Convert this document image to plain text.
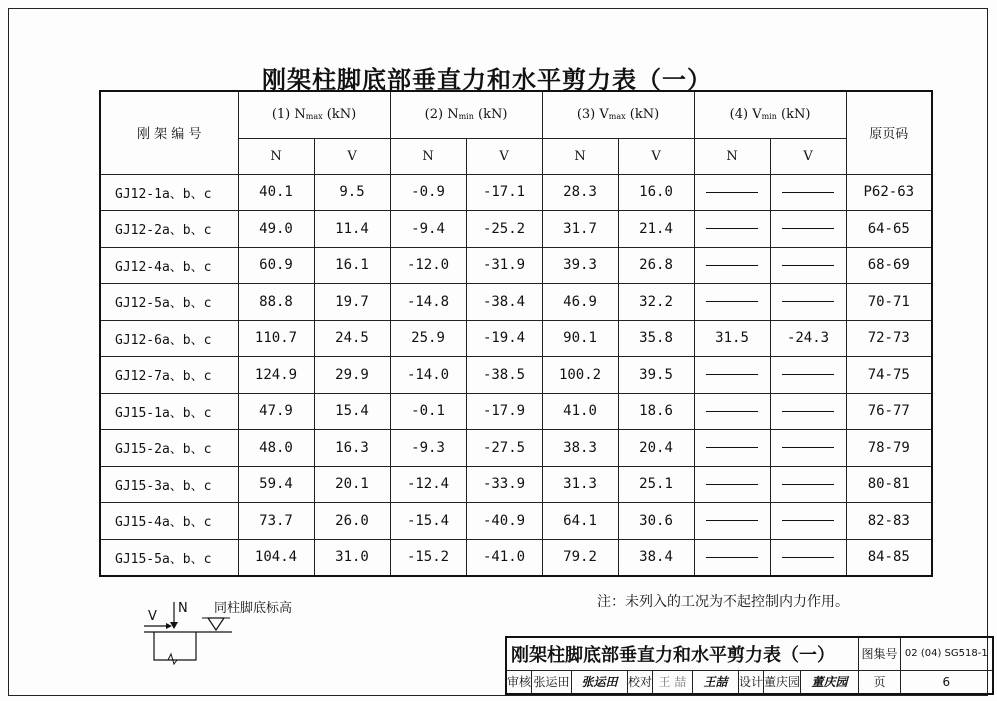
刚架柱脚底部垂直力和水平剪力表（一）
刚 架 编 号	(1) Nmax (kN)		(2) Nmin (kN)		(3) Vmax (kN)		(4) Vmin (kN)		原页码
	N	V	N	V	N	V	N	V	
GJ12-1a、b、c	40.1	9.5	-0.9	-17.1	28.3	16.0			P62-63
GJ12-2a、b、c	49.0	11.4	-9.4	-25.2	31.7	21.4			64-65
GJ12-4a、b、c	60.9	16.1	-12.0	-31.9	39.3	26.8			68-69
GJ12-5a、b、c	88.8	19.7	-14.8	-38.4	46.9	32.2			70-71
GJ12-6a、b、c	110.7	24.5	25.9	-19.4	90.1	35.8	31.5	-24.3	72-73
GJ12-7a、b、c	124.9	29.9	-14.0	-38.5	100.2	39.5			74-75
GJ15-1a、b、c	47.9	15.4	-0.1	-17.9	41.0	18.6			76-77
GJ15-2a、b、c	48.0	16.3	-9.3	-27.5	38.3	20.4			78-79
GJ15-3a、b、c	59.4	20.1	-12.4	-33.9	31.3	25.1			80-81
GJ15-4a、b、c	73.7	26.0	-15.4	-40.9	64.1	30.6			82-83
GJ15-5a、b、c	104.4	31.0	-15.2	-41.0	79.2	38.4			84-85
注：未列入的工况为不起控制内力作用。
V
N 同柱脚底标高
刚架柱脚底部垂直力和水平剪力表（一）									图集号	02 (04) SG518-1
审核	张运田	张运田	校对	王 喆	王喆	设计	董庆园	董庆园	页	6
